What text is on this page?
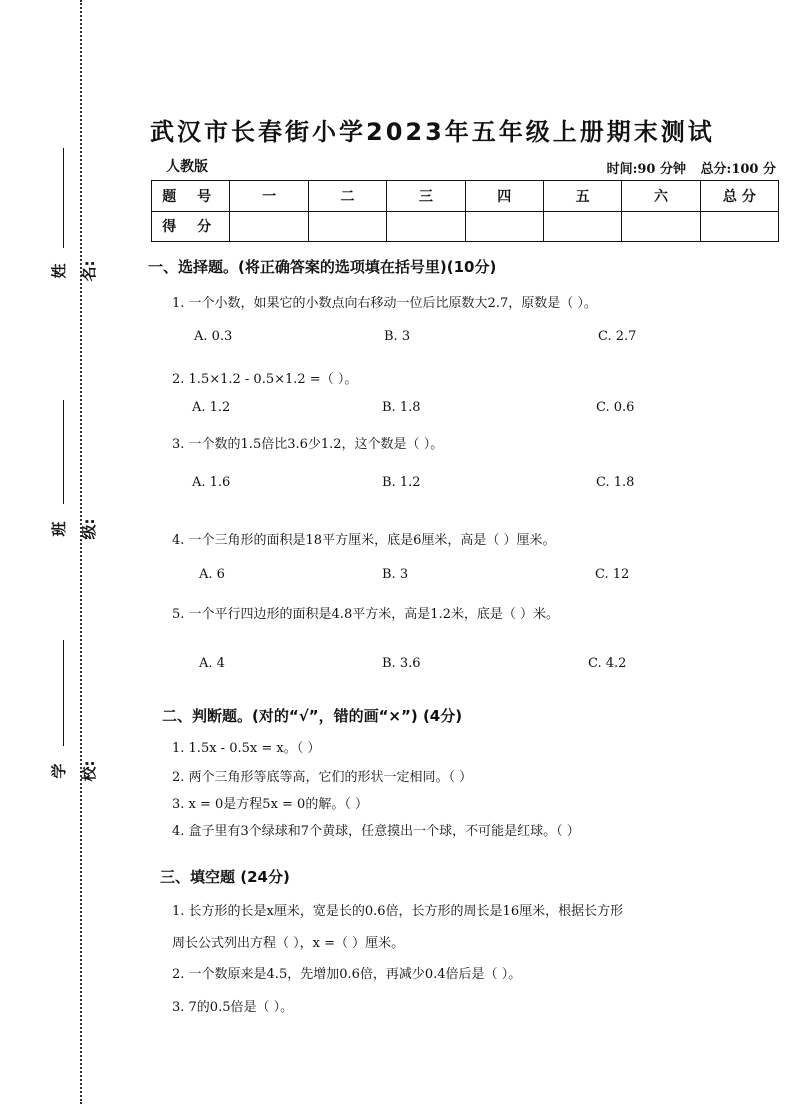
姓名:
班级:
学校:
武汉市长春街小学2023年五年级上册期末测试
人教版	时间:90 分钟 总分:100 分
题 号	一	二	三	四	五	六	总 分
得 分							
一、选择题。(将正确答案的选项填在括号里)(10分)
1. 一个小数，如果它的小数点向右移动一位后比原数大2.7，原数是（ ）。
A. 0.3	B. 3	C. 2.7
2. 1.5×1.2 - 0.5×1.2 =（ ）。
A. 1.2	B. 1.8	C. 0.6
3. 一个数的1.5倍比3.6少1.2，这个数是（ ）。
A. 1.6	B. 1.2	C. 1.8
4. 一个三角形的面积是18平方厘米，底是6厘米，高是（ ）厘米。
A. 6	B. 3	C. 12
5. 一个平行四边形的面积是4.8平方米，高是1.2米，底是（ ）米。
A. 4	B. 3.6	C. 4.2
二、判断题。(对的“√”，错的画“×”) (4分)
1. 1.5x - 0.5x = x。（ ）
2. 两个三角形等底等高，它们的形状一定相同。（ ）
3. x = 0是方程5x = 0的解。（ ）
4. 盒子里有3个绿球和7个黄球，任意摸出一个球，不可能是红球。（ ）
三、填空题 (24分)
1. 长方形的长是x厘米，宽是长的0.6倍，长方形的周长是16厘米，根据长方形
周长公式列出方程（ ），x =（ ）厘米。
2. 一个数原来是4.5，先增加0.6倍，再减少0.4倍后是（ ）。
3. 7的0.5倍是（ ）。
